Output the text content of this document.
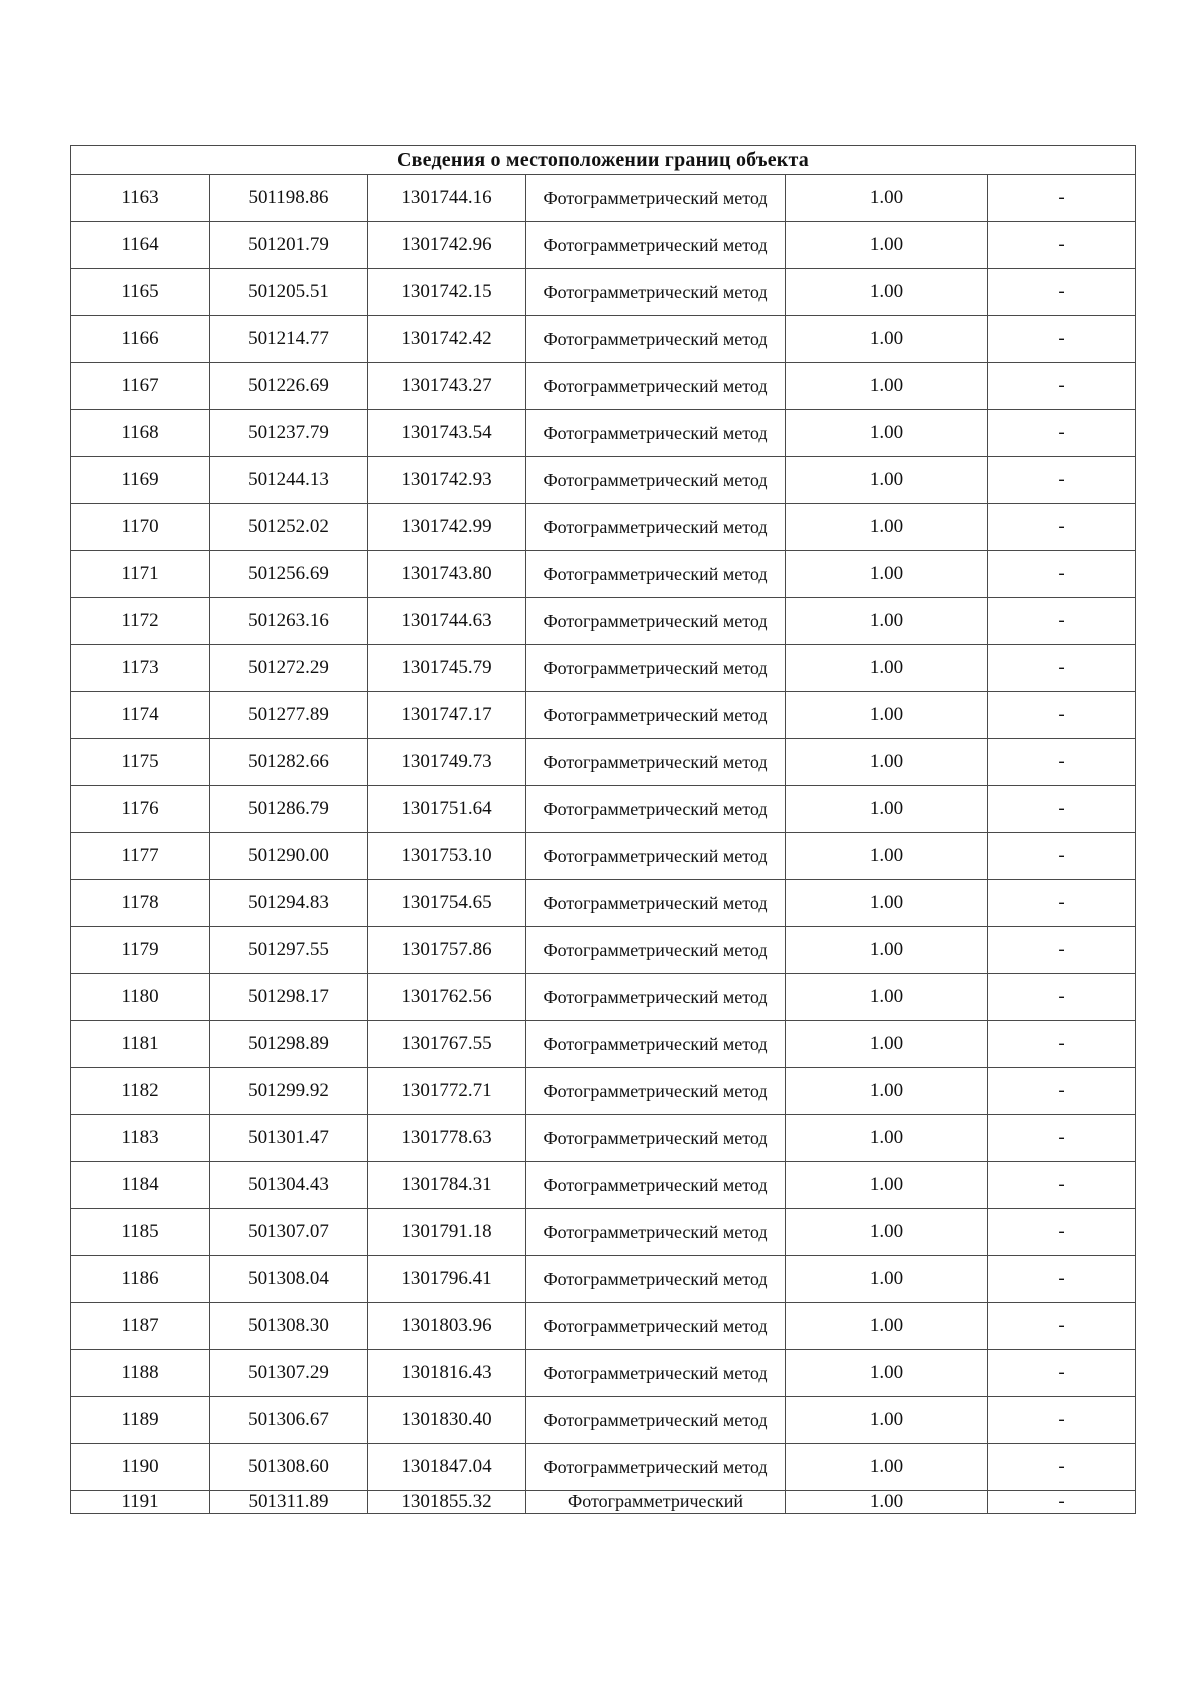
Сведения о местоположении границ объекта					
1163	501198.86	1301744.16	Фотограмметрический метод	1.00	-
1164	501201.79	1301742.96	Фотограмметрический метод	1.00	-
1165	501205.51	1301742.15	Фотограмметрический метод	1.00	-
1166	501214.77	1301742.42	Фотограмметрический метод	1.00	-
1167	501226.69	1301743.27	Фотограмметрический метод	1.00	-
1168	501237.79	1301743.54	Фотограмметрический метод	1.00	-
1169	501244.13	1301742.93	Фотограмметрический метод	1.00	-
1170	501252.02	1301742.99	Фотограмметрический метод	1.00	-
1171	501256.69	1301743.80	Фотограмметрический метод	1.00	-
1172	501263.16	1301744.63	Фотограмметрический метод	1.00	-
1173	501272.29	1301745.79	Фотограмметрический метод	1.00	-
1174	501277.89	1301747.17	Фотограмметрический метод	1.00	-
1175	501282.66	1301749.73	Фотограмметрический метод	1.00	-
1176	501286.79	1301751.64	Фотограмметрический метод	1.00	-
1177	501290.00	1301753.10	Фотограмметрический метод	1.00	-
1178	501294.83	1301754.65	Фотограмметрический метод	1.00	-
1179	501297.55	1301757.86	Фотограмметрический метод	1.00	-
1180	501298.17	1301762.56	Фотограмметрический метод	1.00	-
1181	501298.89	1301767.55	Фотограмметрический метод	1.00	-
1182	501299.92	1301772.71	Фотограмметрический метод	1.00	-
1183	501301.47	1301778.63	Фотограмметрический метод	1.00	-
1184	501304.43	1301784.31	Фотограмметрический метод	1.00	-
1185	501307.07	1301791.18	Фотограмметрический метод	1.00	-
1186	501308.04	1301796.41	Фотограмметрический метод	1.00	-
1187	501308.30	1301803.96	Фотограмметрический метод	1.00	-
1188	501307.29	1301816.43	Фотограмметрический метод	1.00	-
1189	501306.67	1301830.40	Фотограмметрический метод	1.00	-
1190	501308.60	1301847.04	Фотограмметрический метод	1.00	-
1191	501311.89	1301855.32	Фотограмметрический	1.00	-
